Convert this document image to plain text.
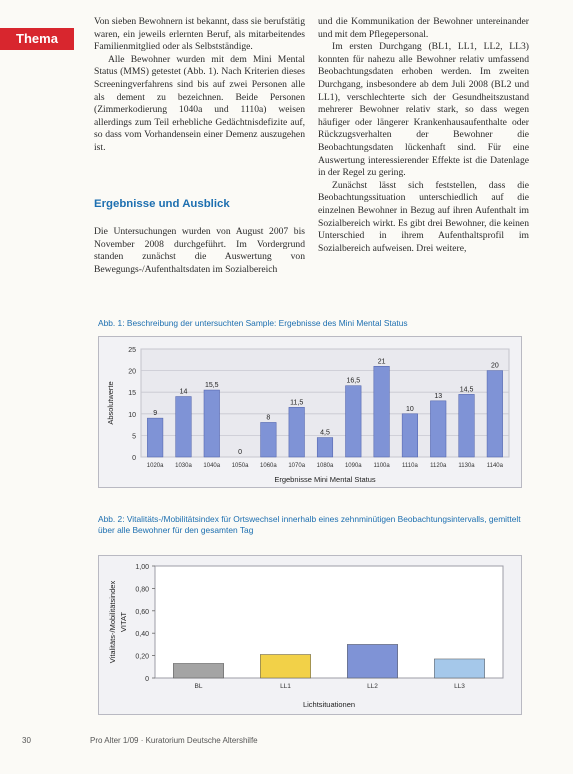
Thema

Von sieben Bewohnern ist bekannt, dass sie berufstätig waren, ein jeweils erlernten Beruf, als mitarbeitendes Familienmitglied oder als Selbstständige.

Alle Bewohner wurden mit dem Mini Mental Status (MMS) getestet (Abb. 1). Nach Kriterien dieses Screeningverfahrens sind bis auf zwei Personen alle als dement zu bezeichnen. Beide Personen (Zimmerkodierung 1040a und 1110a) weisen allerdings zum Teil erhebliche Gedächtnisdefizite auf, so dass vom Vorhandensein einer Demenz auszugehen ist.

Ergebnisse und Ausblick
Die Untersuchungen wurden von August 2007 bis November 2008 durchgeführt. Im Vordergrund standen zunächst die Auswertung von Bewegungs-/Aufenthaltsdaten im Sozialbereich

und die Kommunikation der Bewohner untereinander und mit dem Pflegepersonal.

Im ersten Durchgang (BL1, LL1, LL2, LL3) konnten für nahezu alle Bewohner relativ umfassend Beobachtungsdaten erhoben werden. Im zweiten Durchgang, insbesondere ab dem Juli 2008 (BL2 und LL1), verschlechterte sich der Gesundheitszustand mehrerer Bewohner relativ stark, so dass wegen häufiger oder längerer Krankenhausaufenthalte oder Rückzugsverhalten der Bewohner die Beobachtungsdaten lückenhaft sind. Für eine Auswertung interessierender Effekte ist die Datenlage in der Regel zu gering.

Zunächst lässt sich feststellen, dass die Beobachtungssituation unterschiedlich auf die einzelnen Bewohner in Bezug auf ihren Aufenthalt im Sozialbereich wirkt. Es gibt drei Bewohner, die keinen Unterschied in ihrem Aufenthaltsprofil im Sozialbereich aufweisen. Drei weitere,

Abb. 1: Beschreibung der untersuchten Sample: Ergebnisse des Mini Mental Status
0
5
10
15
20
25
9
1020a
14
1030a
15,5
1040a
0
1050a
8
1060a
11,5
1070a
4,5
1080a
16,5
1090a
21
1100a
10
1110a
13
1120a
14,5
1130a
20
1140a
Ergebnisse Mini Mental Status
Absolutwerte
Abb. 2: Vitalitäts-/Mobilitätsindex für Ortswechsel innerhalb eines zehnminütigen Beobachtungsintervalls, gemittelt über alle Bewohner für den gesamten Tag
0
0,20
0,40
0,60
0,80
1,00
BL	LL1	LL2	LL3
Lichtsituationen
Vitalitäts-/Mobilitätsindex VITAT
30	Pro Alter 1/09 · Kuratorium Deutsche Altershilfe
